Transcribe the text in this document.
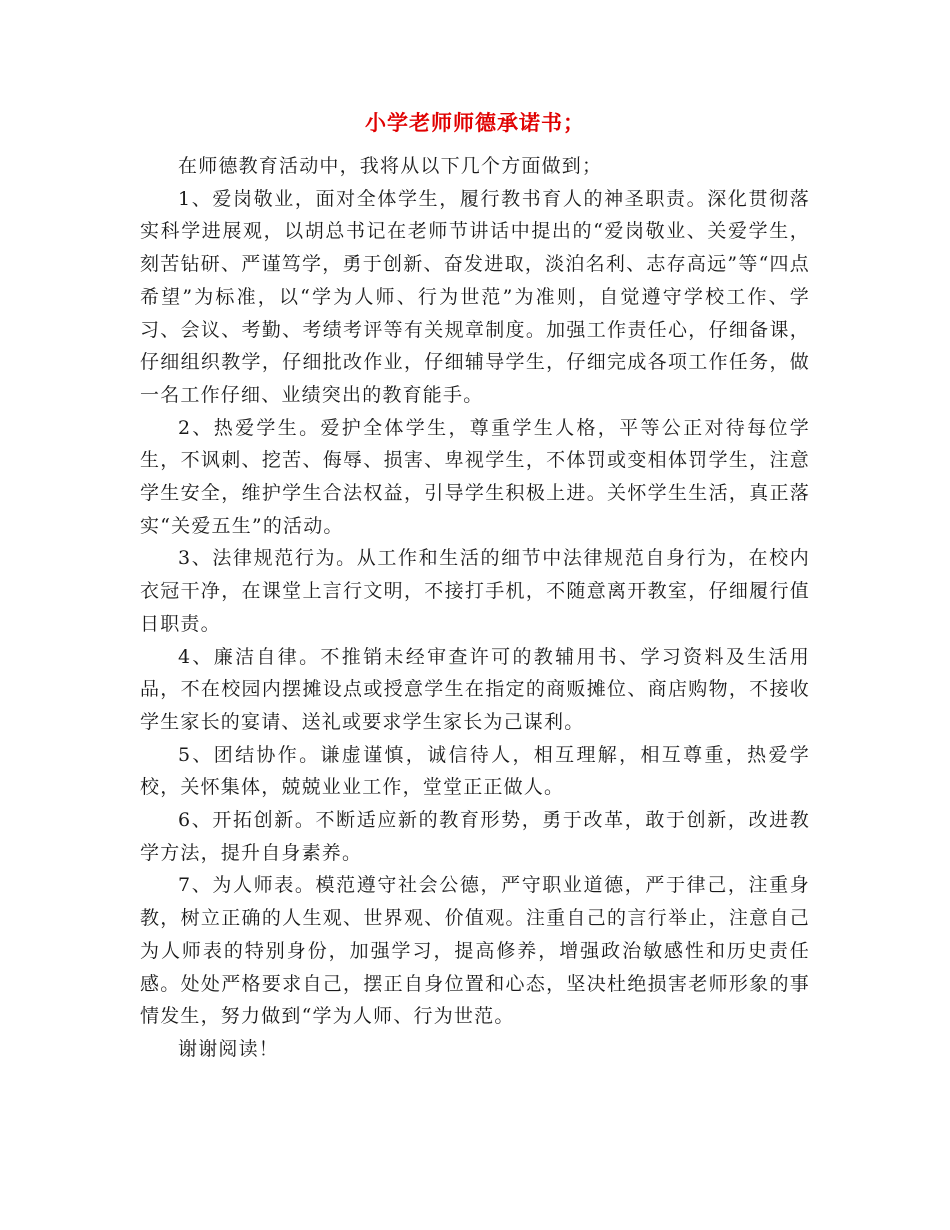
小学老师师德承诺书；

在师德教育活动中，我将从以下几个方面做到；

1、爱岗敬业，面对全体学生，履行教书育人的神圣职责。深化贯彻落实科学进展观，以胡总书记在老师节讲话中提出的“爱岗敬业、关爱学生，刻苦钻研、严谨笃学，勇于创新、奋发进取，淡泊名利、志存高远”等“四点希望”为标准，以“学为人师、行为世范”为准则，自觉遵守学校工作、学习、会议、考勤、考绩考评等有关规章制度。加强工作责任心，仔细备课，仔细组织教学，仔细批改作业，仔细辅导学生，仔细完成各项工作任务，做一名工作仔细、业绩突出的教育能手。

2、热爱学生。爱护全体学生，尊重学生人格，平等公正对待每位学生，不讽刺、挖苦、侮辱、损害、卑视学生，不体罚或变相体罚学生，注意学生安全，维护学生合法权益，引导学生积极上进。关怀学生生活，真正落实“关爱五生”的活动。

3、法律规范行为。从工作和生活的细节中法律规范自身行为，在校内衣冠干净，在课堂上言行文明，不接打手机，不随意离开教室，仔细履行值日职责。

4、廉洁自律。不推销未经审查许可的教辅用书、学习资料及生活用品，不在校园内摆摊设点或授意学生在指定的商贩摊位、商店购物，不接收学生家长的宴请、送礼或要求学生家长为己谋利。

5、团结协作。谦虚谨慎，诚信待人，相互理解，相互尊重，热爱学校，关怀集体，兢兢业业工作，堂堂正正做人。

6、开拓创新。不断适应新的教育形势，勇于改革，敢于创新，改进教学方法，提升自身素养。

7、为人师表。模范遵守社会公德，严守职业道德，严于律己，注重身教，树立正确的人生观、世界观、价值观。注重自己的言行举止，注意自己为人师表的特别身份，加强学习，提高修养，增强政治敏感性和历史责任感。处处严格要求自己，摆正自身位置和心态，坚决杜绝损害老师形象的事情发生，努力做到“学为人师、行为世范。

谢谢阅读！
